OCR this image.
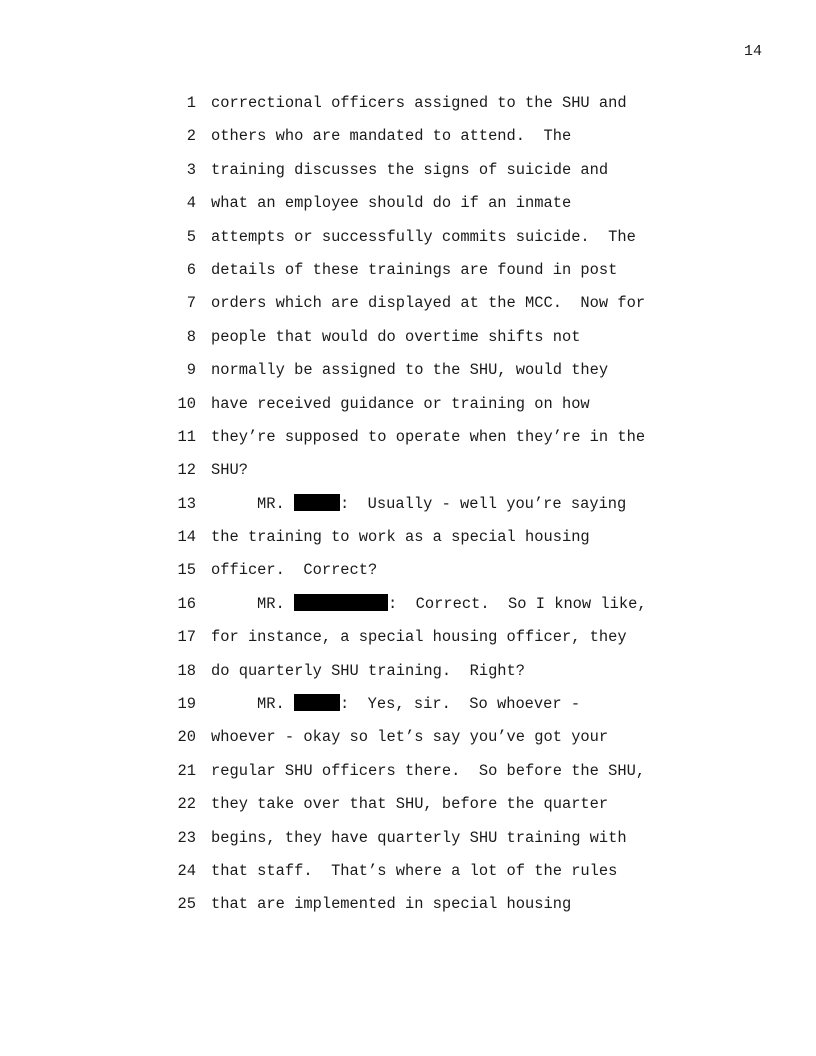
14
1 correctional officers assigned to the SHU and
2 others who are mandated to attend.  The
3 training discusses the signs of suicide and
4 what an employee should do if an inmate
5 attempts or successfully commits suicide.  The
6 details of these trainings are found in post
7 orders which are displayed at the MCC.  Now for
8 people that would do overtime shifts not
9 normally be assigned to the SHU, would they
10 have received guidance or training on how
11 they’re supposed to operate when they’re in the
12 SHU?
13	MR.	:  Usually - well you’re saying
14 the training to work as a special housing
15 officer.  Correct?
16	MR.	:  Correct.  So I know like,
17 for instance, a special housing officer, they
18 do quarterly SHU training.  Right?
19	MR.	:  Yes, sir.  So whoever -
20 whoever - okay so let’s say you’ve got your
21 regular SHU officers there.  So before the SHU,
22 they take over that SHU, before the quarter
23 begins, they have quarterly SHU training with
24 that staff.  That’s where a lot of the rules
25 that are implemented in special housing
